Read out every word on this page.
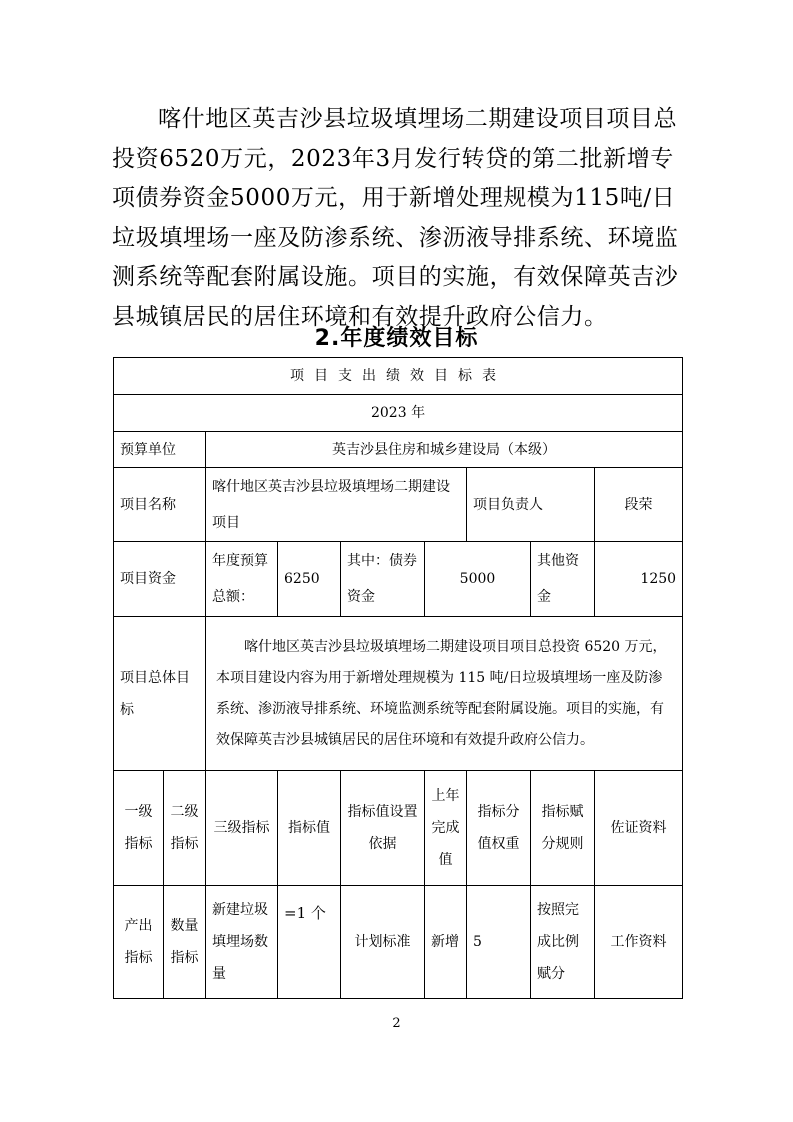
喀什地区英吉沙县垃圾填埋场二期建设项目项目总投资6520万元，2023年3月发行转贷的第二批新增专项债券资金5000万元，用于新增处理规模为115吨/日垃圾填埋场一座及防渗系统、渗沥液导排系统、环境监测系统等配套附属设施。项目的实施，有效保障英吉沙县城镇居民的居住环境和有效提升政府公信力。

2.年度绩效目标
项目支出绩效目标表								
2023 年								
预算单位		英吉沙县住房和城乡建设局（本级）						
项目名称		喀什地区英吉沙县垃圾填埋场二期建设项目				项目负责人		段荣
项目资金		年度预算总额：	6250	其中：债券资金	5000		其他资金	1250
项目总体目标		喀什地区英吉沙县垃圾填埋场二期建设项目项目总投资 6520 万元，本项目建设内容为用于新增处理规模为 115 吨/日垃圾填埋场一座及防渗系统、渗沥液导排系统、环境监测系统等配套附属设施。项目的实施，有效保障英吉沙县城镇居民的居住环境和有效提升政府公信力。						
一级指标	二级指标	三级指标	指标值	指标值设置依据	上年完成值	指标分值权重	指标赋分规则	佐证资料
产出指标	数量指标	新建垃圾填埋场数量	=1 个	计划标准	新增	5	按照完成比例赋分	工作资料
2
